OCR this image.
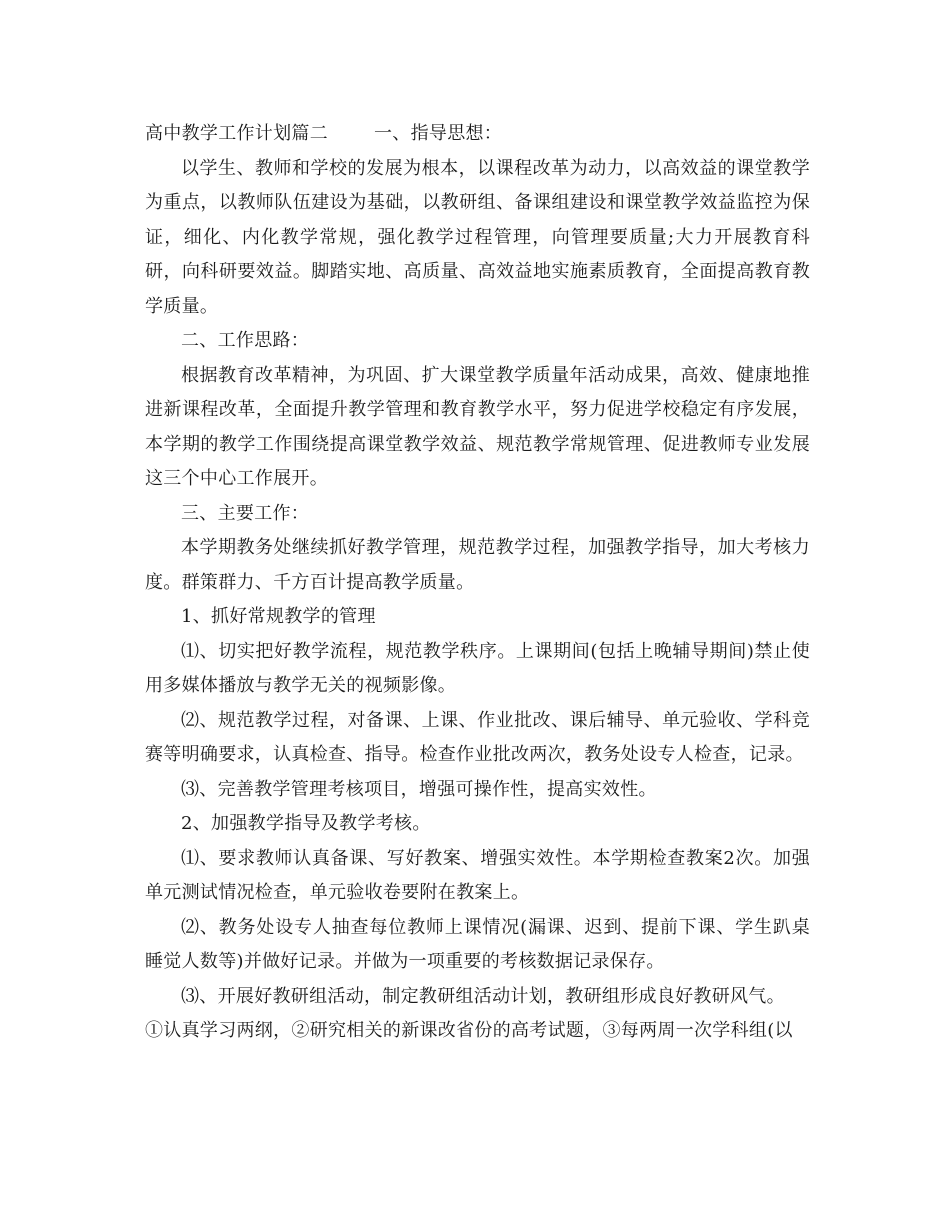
高中教学工作计划篇二	一、指导思想：

以学生、教师和学校的发展为根本，以课程改革为动力，以高效益的课堂教学为重点，以教师队伍建设为基础，以教研组、备课组建设和课堂教学效益监控为保证，细化、内化教学常规，强化教学过程管理，向管理要质量;大力开展教育科研，向科研要效益。脚踏实地、高质量、高效益地实施素质教育，全面提高教育教学质量。

二、工作思路：

根据教育改革精神，为巩固、扩大课堂教学质量年活动成果，高效、健康地推进新课程改革，全面提升教学管理和教育教学水平，努力促进学校稳定有序发展，本学期的教学工作围绕提高课堂教学效益、规范教学常规管理、促进教师专业发展这三个中心工作展开。

三、主要工作：

本学期教务处继续抓好教学管理，规范教学过程，加强教学指导，加大考核力度。群策群力、千方百计提高教学质量。

1、抓好常规教学的管理

⑴、切实把好教学流程，规范教学秩序。上课期间(包括上晚辅导期间)禁止使用多媒体播放与教学无关的视频影像。

⑵、规范教学过程，对备课、上课、作业批改、课后辅导、单元验收、学科竞赛等明确要求，认真检查、指导。检查作业批改两次，教务处设专人检查，记录。

⑶、完善教学管理考核项目，增强可操作性，提高实效性。

2、加强教学指导及教学考核。

⑴、要求教师认真备课、写好教案、增强实效性。本学期检查教案2次。加强单元测试情况检查，单元验收卷要附在教案上。

⑵、教务处设专人抽查每位教师上课情况(漏课、迟到、提前下课、学生趴桌睡觉人数等)并做好记录。并做为一项重要的考核数据记录保存。

⑶、开展好教研组活动，制定教研组活动计划，教研组形成良好教研风气。

①认真学习两纲，②研究相关的新课改省份的高考试题，③每两周一次学科组(以
